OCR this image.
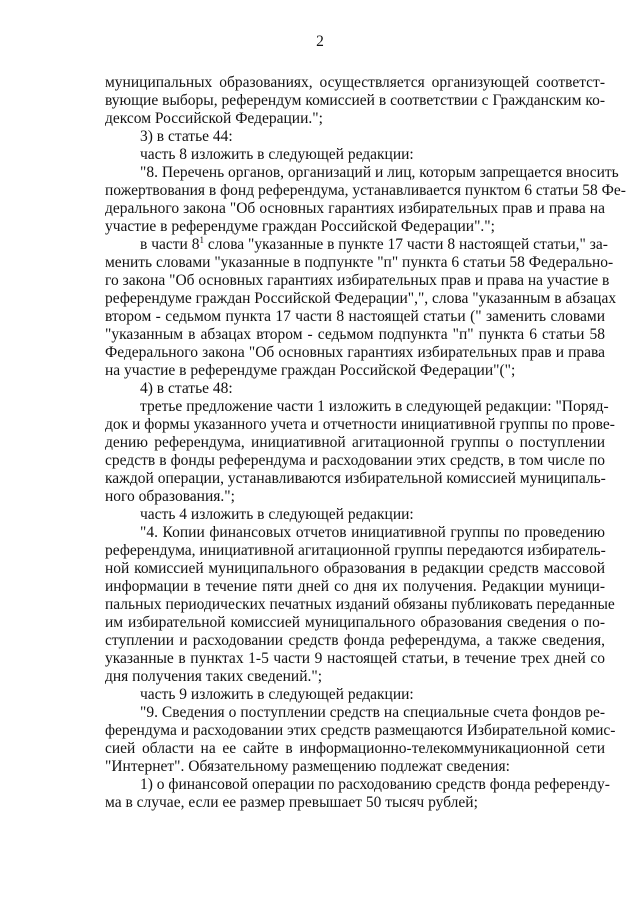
2
муниципальных образованиях, осуществляется организующей соответст-
вующие выборы, референдум комиссией в соответствии с Гражданским ко-
дексом Российской Федерации.";
3) в статье 44:
часть 8 изложить в следующей редакции:
"8. Перечень органов, организаций и лиц, которым запрещается вносить
пожертвования в фонд референдума, устанавливается пунктом 6 статьи 58 Фе-
дерального закона "Об основных гарантиях избирательных прав и права на
участие в референдуме граждан Российской Федерации".";
в части $8^1$ слова "указанные в пункте 17 части 8 настоящей статьи," за-
менить словами "указанные в подпункте "п" пункта 6 статьи 58 Федерально-
го закона "Об основных гарантиях избирательных прав и права на участие в
референдуме граждан Российской Федерации",", слова "указанным в абзацах
втором - седьмом пункта 17 части 8 настоящей статьи (" заменить словами
"указанным в абзацах втором - седьмом подпункта "п" пункта 6 статьи 58
Федерального закона "Об основных гарантиях избирательных прав и права
на участие в референдуме граждан Российской Федерации"(";
4) в статье 48:
третье предложение части 1 изложить в следующей редакции: "Поряд-
док и формы указанного учета и отчетности инициативной группы по прове-
дению референдума, инициативной агитационной группы о поступлении
средств в фонды референдума и расходовании этих средств, в том числе по
каждой операции, устанавливаются избирательной комиссией муниципаль-
ного образования.";
часть 4 изложить в следующей редакции:
"4. Копии финансовых отчетов инициативной группы по проведению
референдума, инициативной агитационной группы передаются избиратель-
ной комиссией муниципального образования в редакции средств массовой
информации в течение пяти дней со дня их получения. Редакции муници-
пальных периодических печатных изданий обязаны публиковать переданные
им избирательной комиссией муниципального образования сведения о по-
ступлении и расходовании средств фонда референдума, а также сведения,
указанные в пунктах 1-5 части 9 настоящей статьи, в течение трех дней со
дня получения таких сведений.";
часть 9 изложить в следующей редакции:
"9. Сведения о поступлении средств на специальные счета фондов ре-
ферендума и расходовании этих средств размещаются Избирательной комис-
сией области на ее сайте в информационно-телекоммуникационной сети
"Интернет". Обязательному размещению подлежат сведения:
1) о финансовой операции по расходованию средств фонда референду-
ма в случае, если ее размер превышает 50 тысяч рублей;
